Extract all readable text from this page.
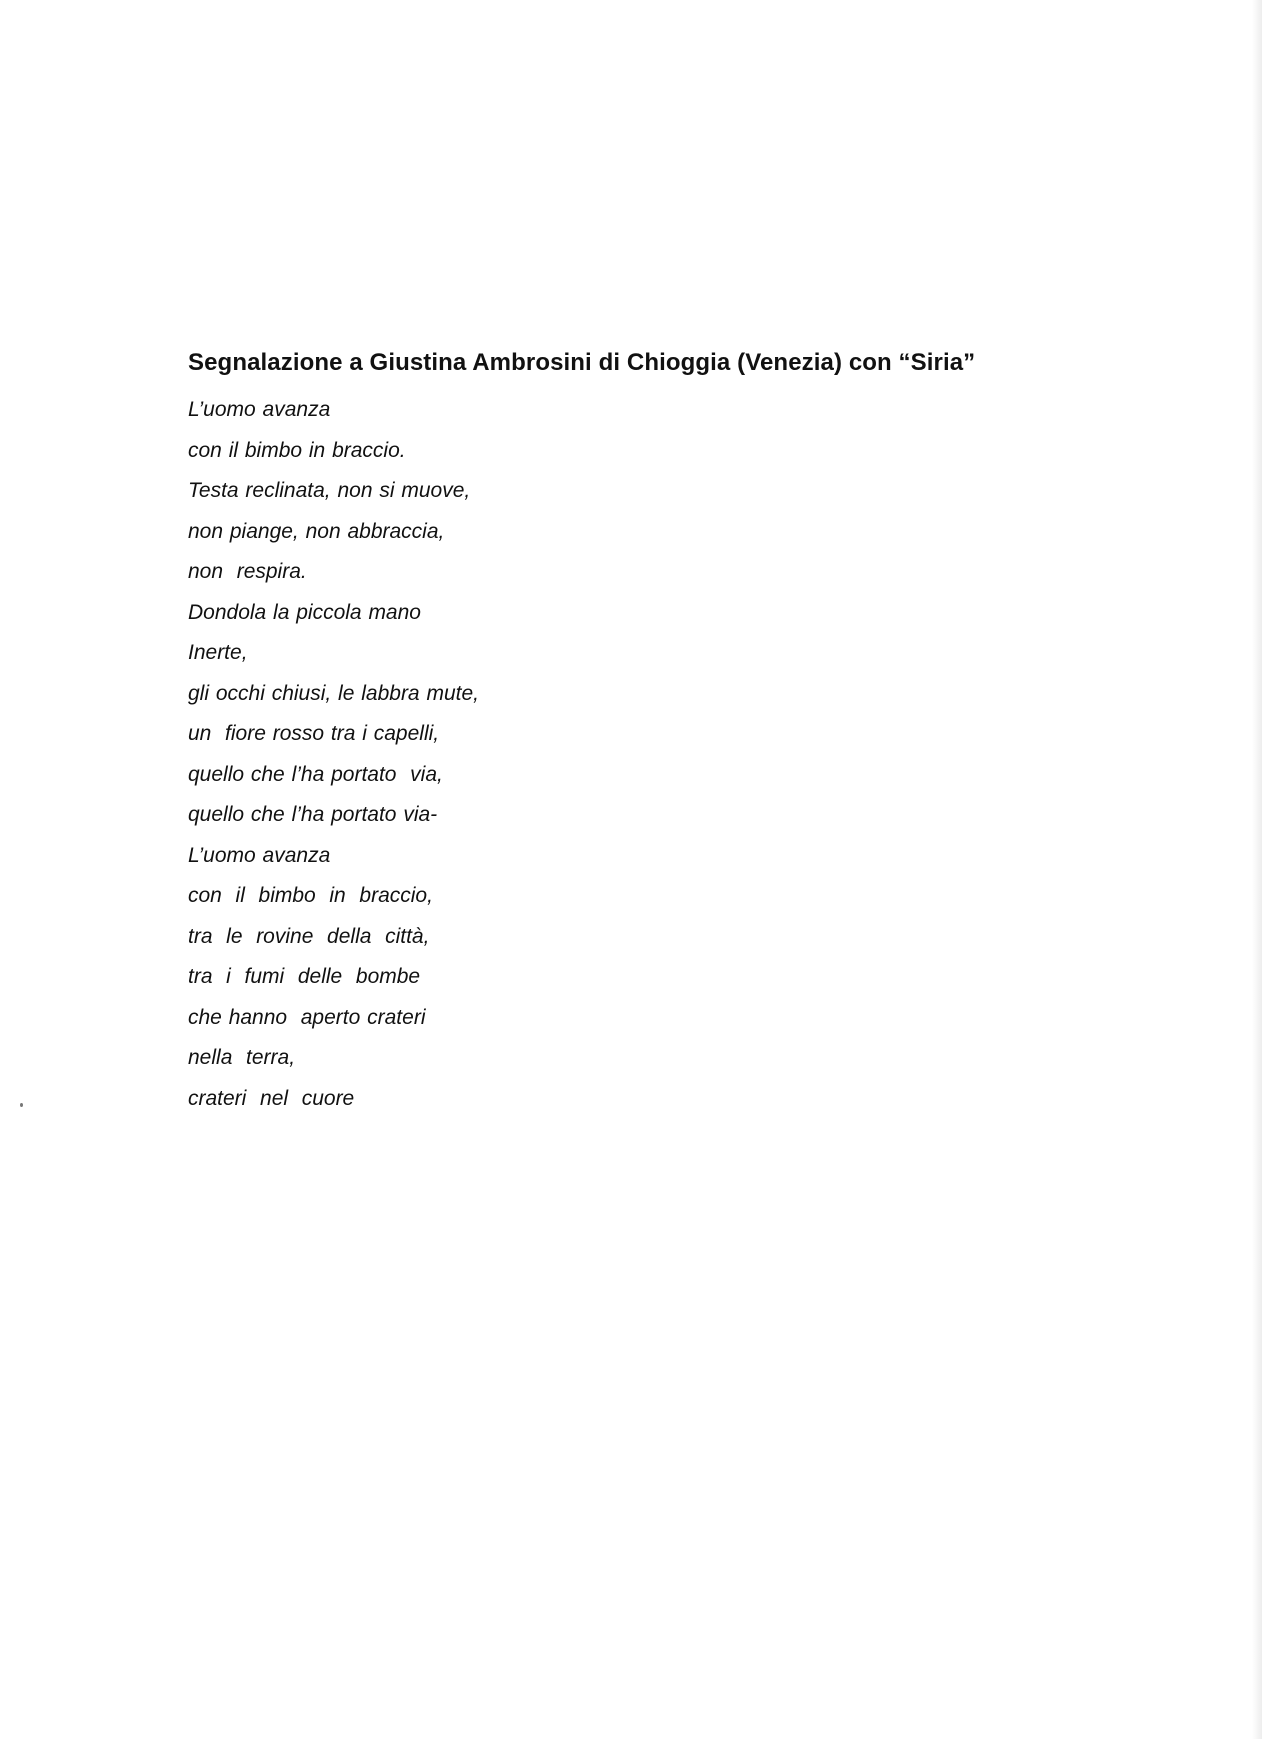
Segnalazione a Giustina Ambrosini di Chioggia (Venezia) con “Siria”
L’uomo avanza
con il bimbo in braccio.
Testa reclinata, non si muove,
non piange, non abbraccia,
non  respira.
Dondola la piccola mano
Inerte,
gli occhi chiusi, le labbra mute,
un  fiore rosso tra i capelli,
quello che l’ha portato  via,
quello che l’ha portato via-
L’uomo avanza
con  il  bimbo  in  braccio,
tra  le  rovine  della  città,
tra  i  fumi  delle  bombe
che hanno  aperto crateri
nella  terra,
crateri  nel  cuore
